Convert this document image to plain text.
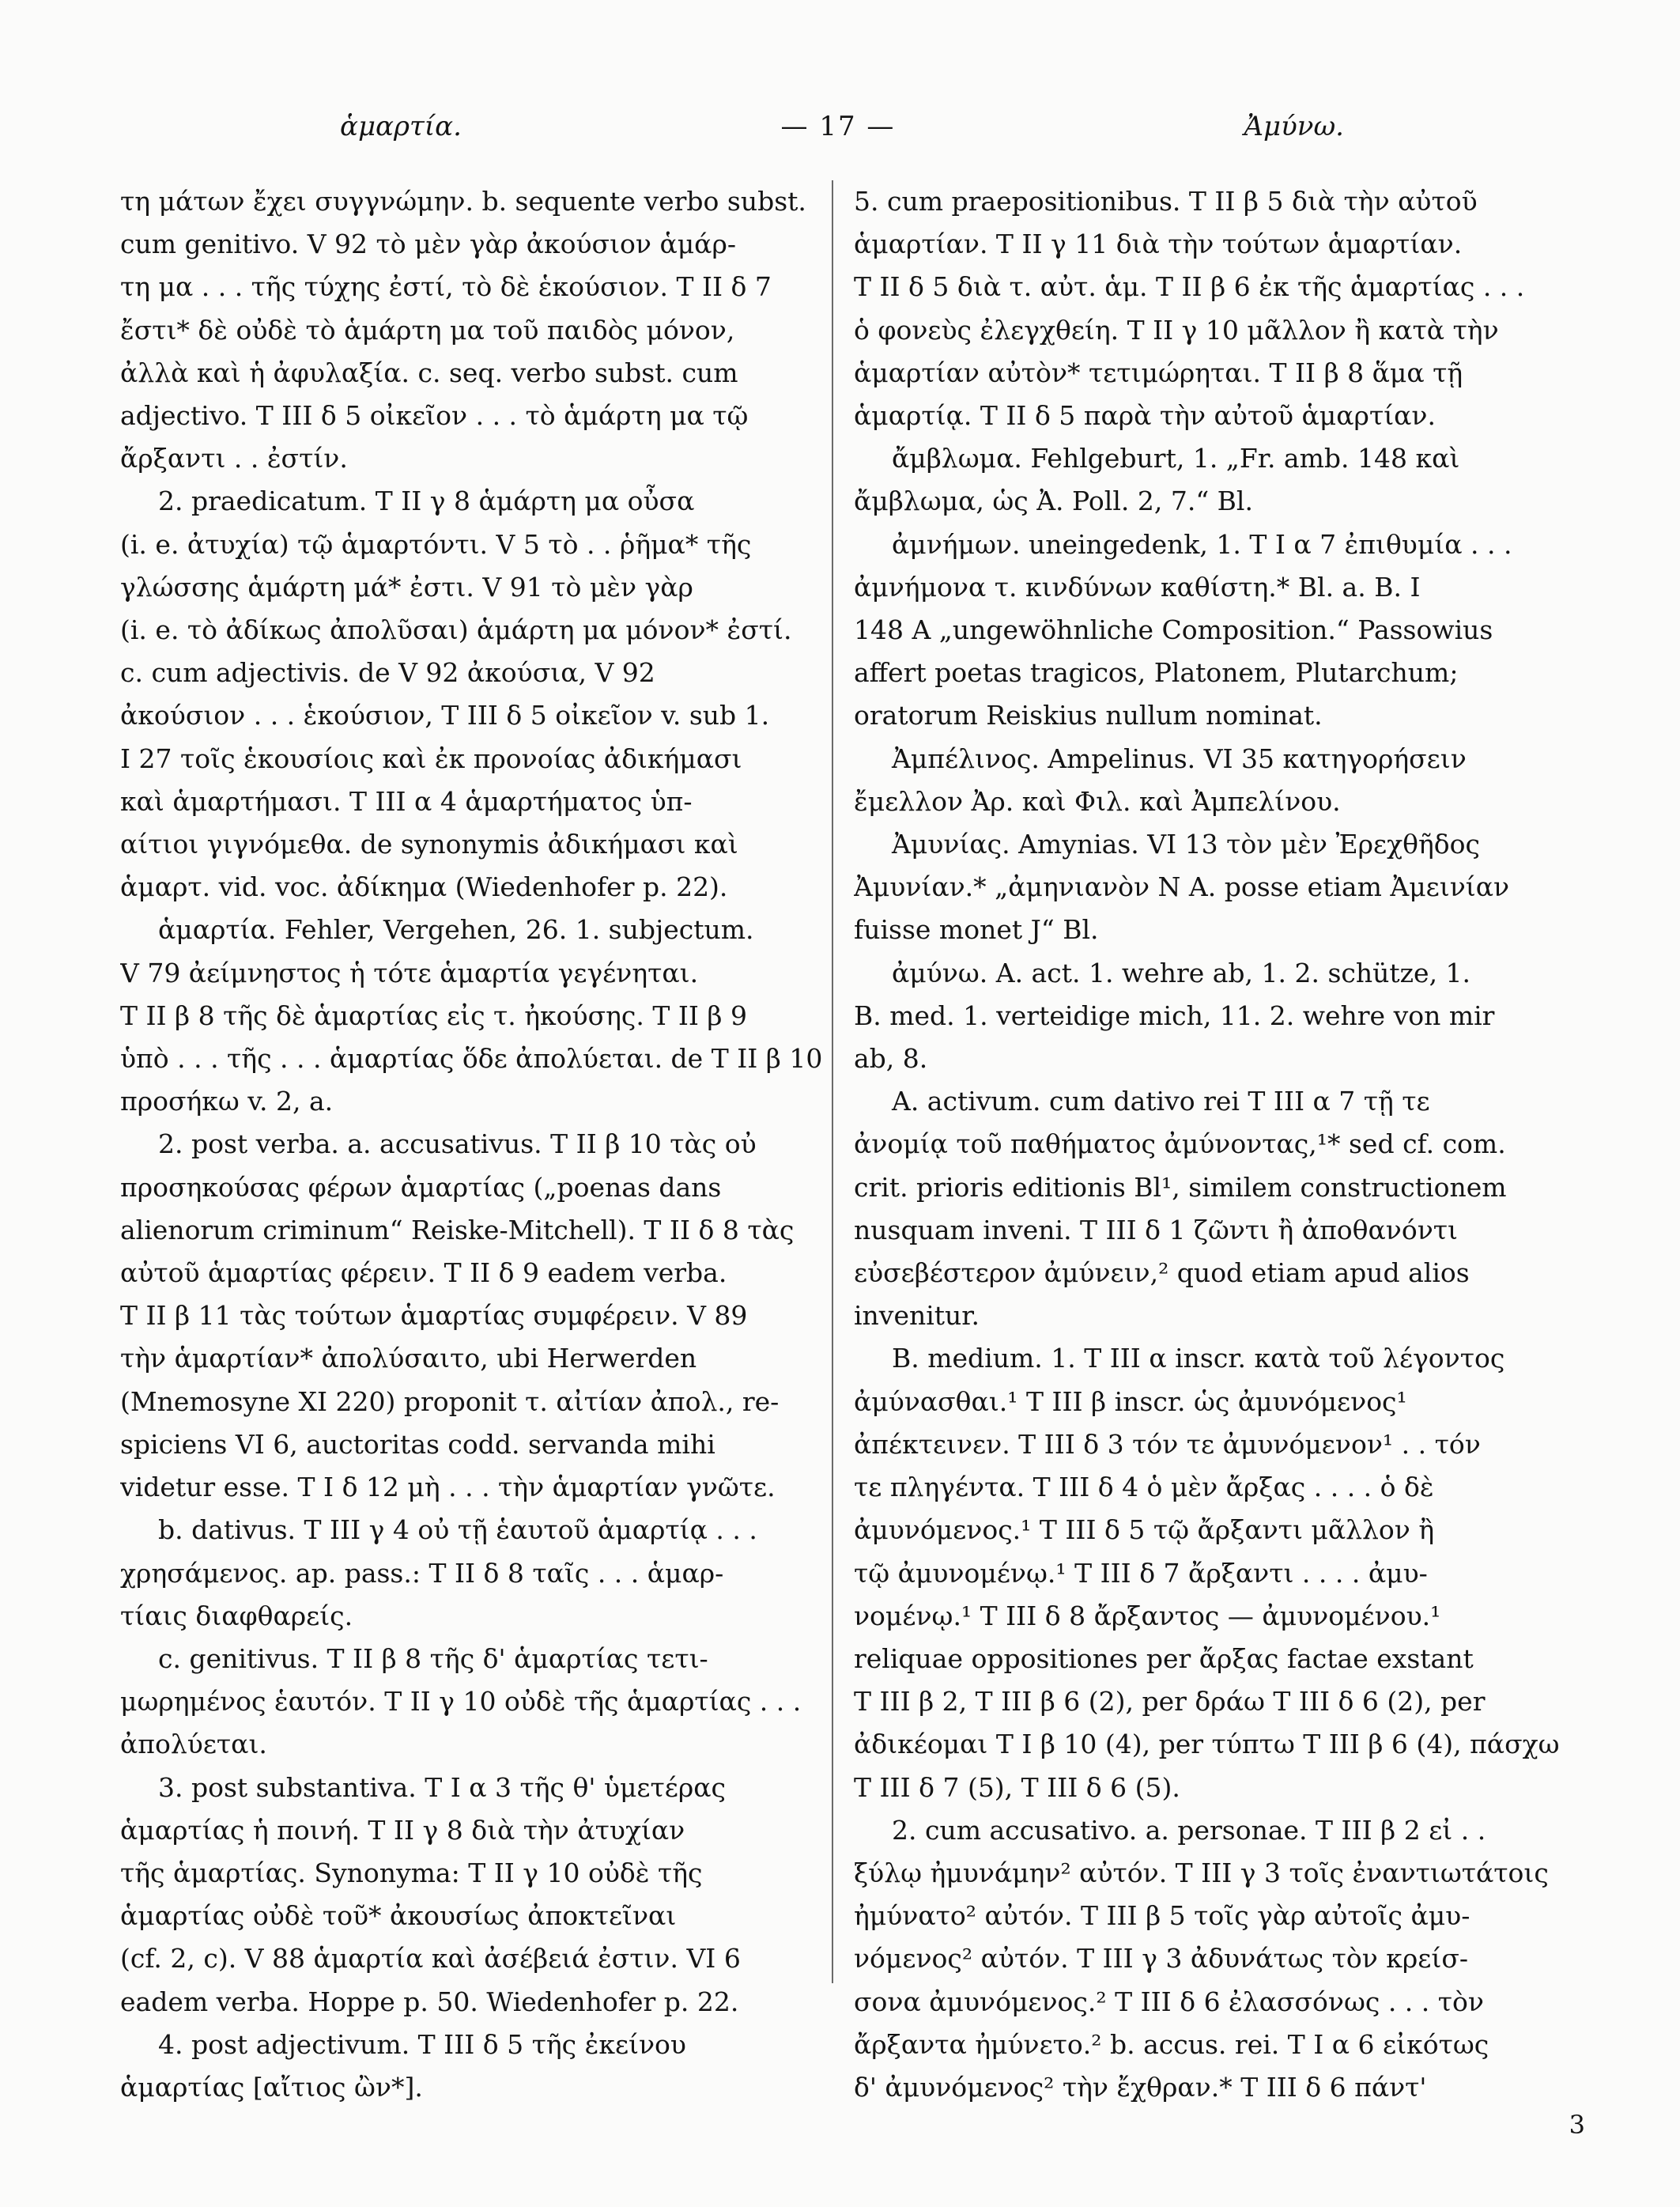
ἁμαρτία.	— 17 —	Ἀμύνω.
τη μάτων ἔχει συγγνώμην. b. sequente verbo subst.
cum genitivo. V 92 τὸ μὲν γὰρ ἀκούσιον ἁμάρ-
τη μα . . . τῆς τύχης ἐστί, τὸ δὲ ἑκούσιον. T II δ 7
ἔστι* δὲ οὐδὲ τὸ ἁμάρτη μα τοῦ παιδὸς μόνον,
ἀλλὰ καὶ ἡ ἀφυλαξία. c. seq. verbo subst. cum
adjectivo. T III δ 5 οἰκεῖον . . . τὸ ἁμάρτη μα τῷ
ἄρξαντι . . ἐστίν.
2. praedicatum. T II γ 8 ἁμάρτη μα οὖσα
(i. e. ἀτυχία) τῷ ἁμαρτόντι. V 5 τὸ . . ῥῆμα* τῆς
γλώσσης ἁμάρτη μά* ἐστι. V 91 τὸ μὲν γὰρ
(i. e. τὸ ἀδίκως ἀπολῦσαι) ἁμάρτη μα μόνον* ἐστί.
c. cum adjectivis. de V 92 ἀκούσια, V 92
ἀκούσιον . . . ἑκούσιον, T III δ 5 οἰκεῖον v. sub 1.
I 27 τοῖς ἑκουσίοις καὶ ἐκ προνοίας ἀδικήμασι
καὶ ἁμαρτήμασι. T III α 4 ἁμαρτήματος ὑπ-
αίτιοι γιγνόμεθα. de synonymis ἀδικήμασι καὶ
ἁμαρτ. vid. voc. ἀδίκημα (Wiedenhofer p. 22).
ἁμαρτία. Fehler, Vergehen, 26. 1. subjectum.
V 79 ἀείμνηστος ἡ τότε ἁμαρτία γεγένηται.
T II β 8 τῆς δὲ ἁμαρτίας εἰς τ. ἠκούσης. T II β 9
ὑπὸ . . . τῆς . . . ἁμαρτίας ὅδε ἀπολύεται. de T II β 10
προσήκω v. 2, a.
2. post verba. a. accusativus. T II β 10 τὰς οὐ
προσηκούσας φέρων ἁμαρτίας („poenas dans
alienorum criminum“ Reiske-Mitchell). T II δ 8 τὰς
αὐτοῦ ἁμαρτίας φέρειν. T II δ 9 eadem verba.
T II β 11 τὰς τούτων ἁμαρτίας συμφέρειν. V 89
τὴν ἁμαρτίαν* ἀπολύσαιτο, ubi Herwerden
(Mnemosyne XI 220) proponit τ. αἰτίαν ἀπολ., re-
spiciens VI 6, auctoritas codd. servanda mihi
videtur esse. T I δ 12 μὴ . . . τὴν ἁμαρτίαν γνῶτε.
b. dativus. T III γ 4 οὐ τῇ ἑαυτοῦ ἁμαρτίᾳ . . .
χρησάμενος. ap. pass.: T II δ 8 ταῖς . . . ἁμαρ-
τίαις διαφθαρείς.
c. genitivus. T II β 8 τῆς δ' ἁμαρτίας τετι-
μωρημένος ἑαυτόν. T II γ 10 οὐδὲ τῆς ἁμαρτίας . . .
ἀπολύεται.
3. post substantiva. T I α 3 τῆς θ' ὑμετέρας
ἁμαρτίας ἡ ποινή. T II γ 8 διὰ τὴν ἀτυχίαν
τῆς ἁμαρτίας. Synonyma: T II γ 10 οὐδὲ τῆς
ἁμαρτίας οὐδὲ τοῦ* ἀκουσίως ἀποκτεῖναι
(cf. 2, c). V 88 ἁμαρτία καὶ ἀσέβειά ἐστιν. VI 6
eadem verba. Hoppe p. 50. Wiedenhofer p. 22.
4. post adjectivum. T III δ 5 τῆς ἐκείνου
ἁμαρτίας [αἴτιος ὢν*].
5. cum praepositionibus. T II β 5 διὰ τὴν αὐτοῦ
ἁμαρτίαν. T II γ 11 διὰ τὴν τούτων ἁμαρτίαν.
T II δ 5 διὰ τ. αὐτ. ἁμ. T II β 6 ἐκ τῆς ἁμαρτίας . . .
ὁ φονεὺς ἐλεγχθείη. T II γ 10 μᾶλλον ἢ κατὰ τὴν
ἁμαρτίαν αὐτὸν* τετιμώρηται. T II β 8 ἅμα τῇ
ἁμαρτίᾳ. T II δ 5 παρὰ τὴν αὐτοῦ ἁμαρτίαν.
ἄμβλωμα. Fehlgeburt, 1. „Fr. amb. 148 καὶ
ἄμβλωμα, ὡς Ἀ. Poll. 2, 7.“ Bl.
ἀμνήμων. uneingedenk, 1. T I α 7 ἐπιθυμία . . .
ἀμνήμονα τ. κινδύνων καθίστη.* Bl. a. B. I
148 A „ungewöhnliche Composition.“ Passowius
affert poetas tragicos, Platonem, Plutarchum;
oratorum Reiskius nullum nominat.
Ἀμπέλινος. Ampelinus. VI 35 κατηγορήσειν
ἔμελλον Ἀρ. καὶ Φιλ. καὶ Ἀμπελίνου.
Ἀμυνίας. Amynias. VI 13 τὸν μὲν Ἐρεχθῆδος
Ἀμυνίαν.* „ἀμηνιανὸν N A. posse etiam Ἀμεινίαν
fuisse monet J“ Bl.
ἀμύνω. A. act. 1. wehre ab, 1. 2. schütze, 1.
B. med. 1. verteidige mich, 11. 2. wehre von mir
ab, 8.
A. activum. cum dativo rei T III α 7 τῇ τε
ἀνομίᾳ τοῦ παθήματος ἀμύνοντας,¹* sed cf. com.
crit. prioris editionis Bl¹, similem constructionem
nusquam inveni. T III δ 1 ζῶντι ἢ ἀποθανόντι
εὐσεβέστερον ἀμύνειν,² quod etiam apud alios
invenitur.
B. medium. 1. T III α inscr. κατὰ τοῦ λέγοντος
ἀμύνασθαι.¹ T III β inscr. ὡς ἀμυνόμενος¹
ἀπέκτεινεν. T III δ 3 τόν τε ἀμυνόμενον¹ . . τόν
τε πληγέντα. T III δ 4 ὁ μὲν ἄρξας . . . . ὁ δὲ
ἀμυνόμενος.¹ T III δ 5 τῷ ἄρξαντι μᾶλλον ἢ
τῷ ἀμυνομένῳ.¹ T III δ 7 ἄρξαντι . . . . ἀμυ-
νομένῳ.¹ T III δ 8 ἄρξαντος — ἀμυνομένου.¹
reliquae oppositiones per ἄρξας factae exstant
T III β 2, T III β 6 (2), per δράω T III δ 6 (2), per
ἀδικέομαι T I β 10 (4), per τύπτω T III β 6 (4), πάσχω
T III δ 7 (5), T III δ 6 (5).
2. cum accusativo. a. personae. T III β 2 εἰ . .
ξύλῳ ἠμυνάμην² αὐτόν. T III γ 3 τοῖς ἐναντιωτάτοις
ἠμύνατο² αὐτόν. T III β 5 τοῖς γὰρ αὐτοῖς ἀμυ-
νόμενος² αὐτόν. T III γ 3 ἀδυνάτως τὸν κρείσ-
σονα ἀμυνόμενος.² T III δ 6 ἐλασσόνως . . . τὸν
ἄρξαντα ἠμύνετο.² b. accus. rei. T I α 6 εἰκότως
δ' ἀμυνόμενος² τὴν ἔχθραν.* T III δ 6 πάντ'
3
